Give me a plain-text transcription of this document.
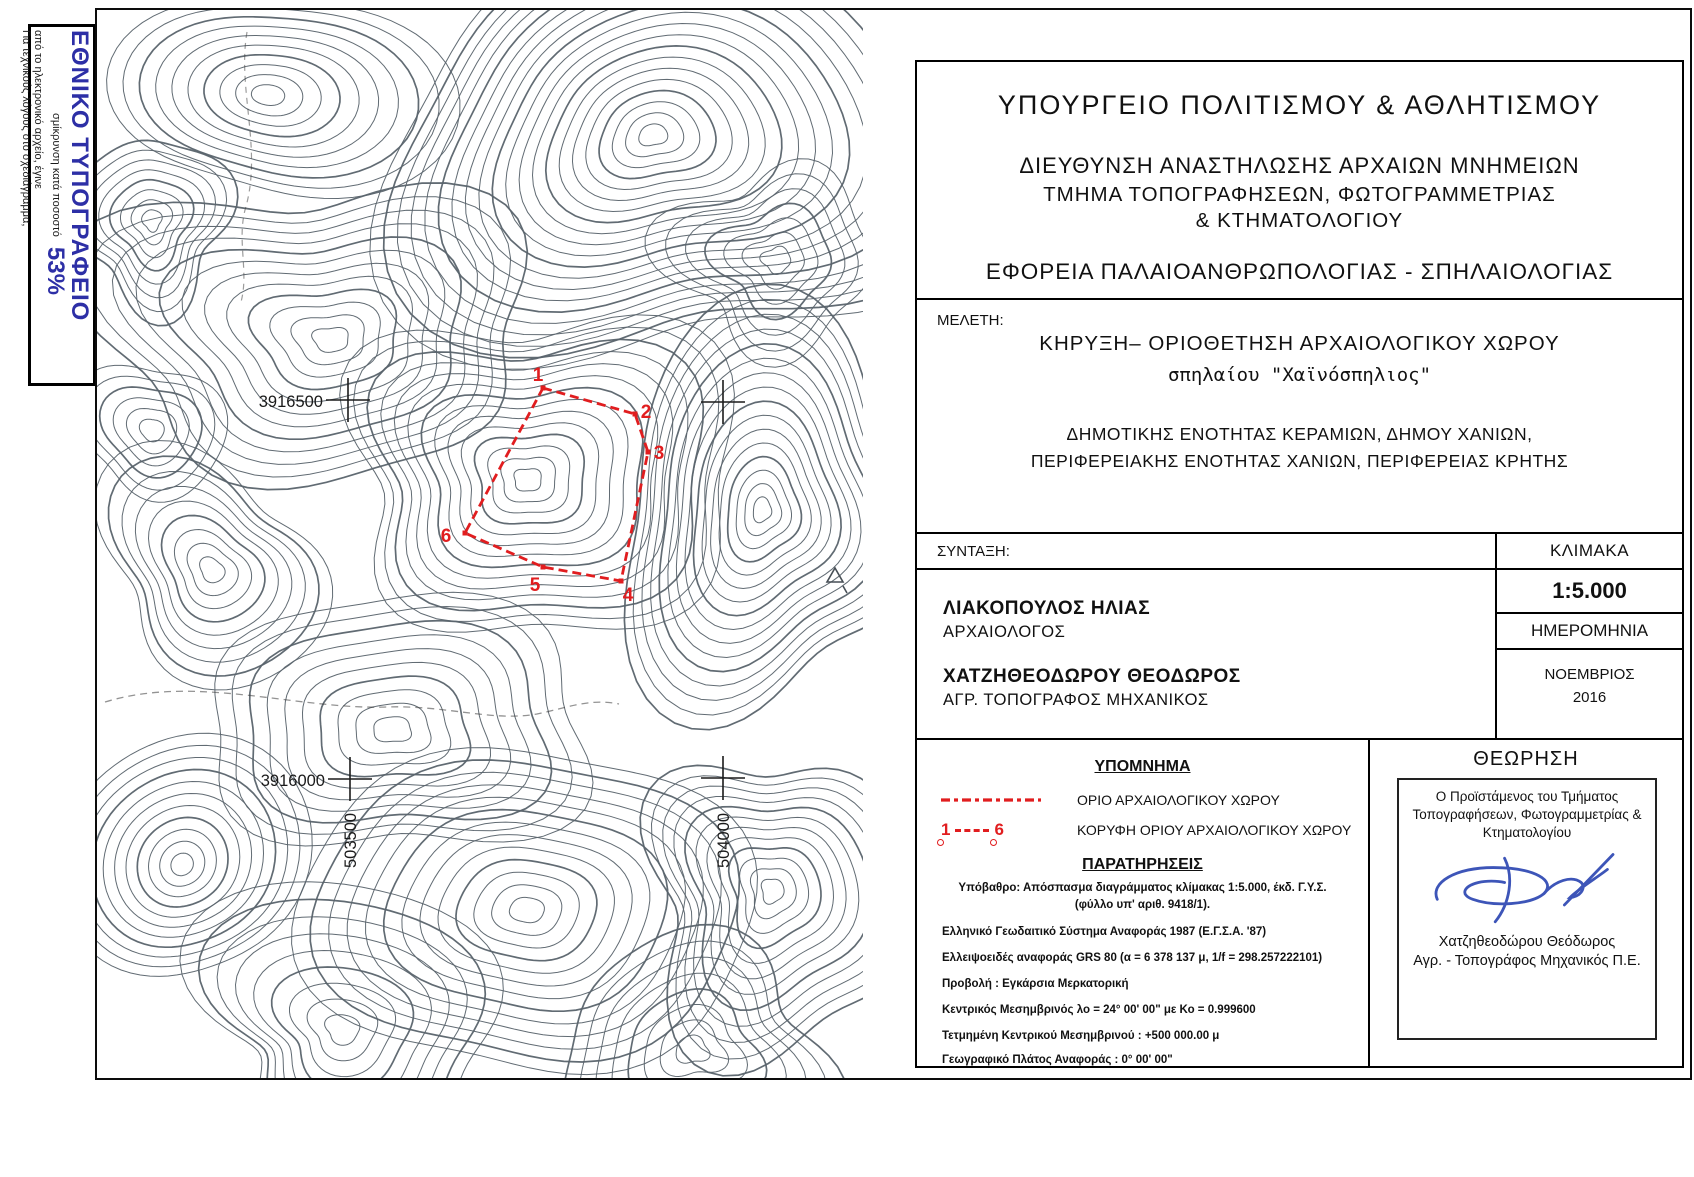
ΕΘΝΙΚΟ ΤΥΠΟΓΡΑΦΕΙΟ
σμίκρυνση κατά ποσοστό
53%
από το ηλεκτρονικό αρχείο, έγινε
Για τεχνικούς λόγους στο σχεδιάγραμμα,
3916500
3916000
503500	504000
1
2
3
4
5
6
ΥΠΟΥΡΓΕΙΟ ΠΟΛΙΤΙΣΜΟΥ & ΑΘΛΗΤΙΣΜΟΥ
ΔΙΕΥΘΥΝΣΗ ΑΝΑΣΤΗΛΩΣΗΣ ΑΡΧΑΙΩΝ ΜΝΗΜΕΙΩΝ
ΤΜΗΜΑ ΤΟΠΟΓΡΑΦΗΣΕΩΝ, ΦΩΤΟΓΡΑΜΜΕΤΡΙΑΣ
& ΚΤΗΜΑΤΟΛΟΓΙΟΥ
ΕΦΟΡΕΙΑ ΠΑΛΑΙΟΑΝΘΡΩΠΟΛΟΓΙΑΣ - ΣΠΗΛΑΙΟΛΟΓΙΑΣ
ΜΕΛΕΤΗ:
ΚΗΡΥΞΗ– ΟΡΙΟΘΕΤΗΣΗ ΑΡΧΑΙΟΛΟΓΙΚΟΥ ΧΩΡΟΥ
σπηλαίου "Χαϊνόσπηλιος"
ΔΗΜΟΤΙΚΗΣ ΕΝΟΤΗΤΑΣ ΚΕΡΑΜΙΩΝ, ΔΗΜΟΥ ΧΑΝΙΩΝ,
ΠΕΡΙΦΕΡΕΙΑΚΗΣ ΕΝΟΤΗΤΑΣ ΧΑΝΙΩΝ, ΠΕΡΙΦΕΡΕΙΑΣ ΚΡΗΤΗΣ
ΣΥΝΤΑΞΗ:	ΚΛΙΜΑΚΑ
ΛΙΑΚΟΠΟΥΛΟΣ ΗΛΙΑΣ
ΑΡΧΑΙΟΛΟΓΟΣ
ΧΑΤΖΗΘΕΟΔΩΡΟΥ ΘΕΟΔΩΡΟΣ
ΑΓΡ. ΤΟΠΟΓΡΑΦΟΣ ΜΗΧΑΝΙΚΟΣ
1:5.000
ΗΜΕΡΟΜΗΝΙΑ
ΝΟΕΜΒΡΙΟΣ
2016
ΥΠΟΜΝΗΜΑ
ΟΡΙΟ ΑΡΧΑΙΟΛΟΓΙΚΟΥ ΧΩΡΟΥ
1	6	ΚΟΡΥΦΗ ΟΡΙΟΥ ΑΡΧΑΙΟΛΟΓΙΚΟΥ ΧΩΡΟΥ
ΠΑΡΑΤΗΡΗΣΕΙΣ
Υπόβαθρο: Απόσπασμα διαγράμματος κλίμακας 1:5.000, έκδ. Γ.Υ.Σ.
(φύλλο υπ' αριθ. 9418/1).
Ελληνικό Γεωδαιτικό Σύστημα Αναφοράς 1987 (Ε.Γ.Σ.Α. '87)
Ελλειψοειδές αναφοράς GRS 80 (α = 6 378 137 μ, 1/f = 298.257222101)
Προβολή : Εγκάρσια Μερκατορική
Κεντρικός Μεσημβρινός λο = 24° 00' 00" με Κο = 0.999600
Τετμημένη Κεντρικού Μεσημβρινού : +500 000.00 μ
Γεωγραφικό Πλάτος Αναφοράς : 0° 00' 00"
ΘΕΩΡΗΣΗ
Ο Προϊστάμενος του Τμήματος
Τοπογραφήσεων, Φωτογραμμετρίας &
Κτηματολογίου
Χατζηθεοδώρου Θεόδωρος
Αγρ. - Τοπογράφος Μηχανικός Π.Ε.
